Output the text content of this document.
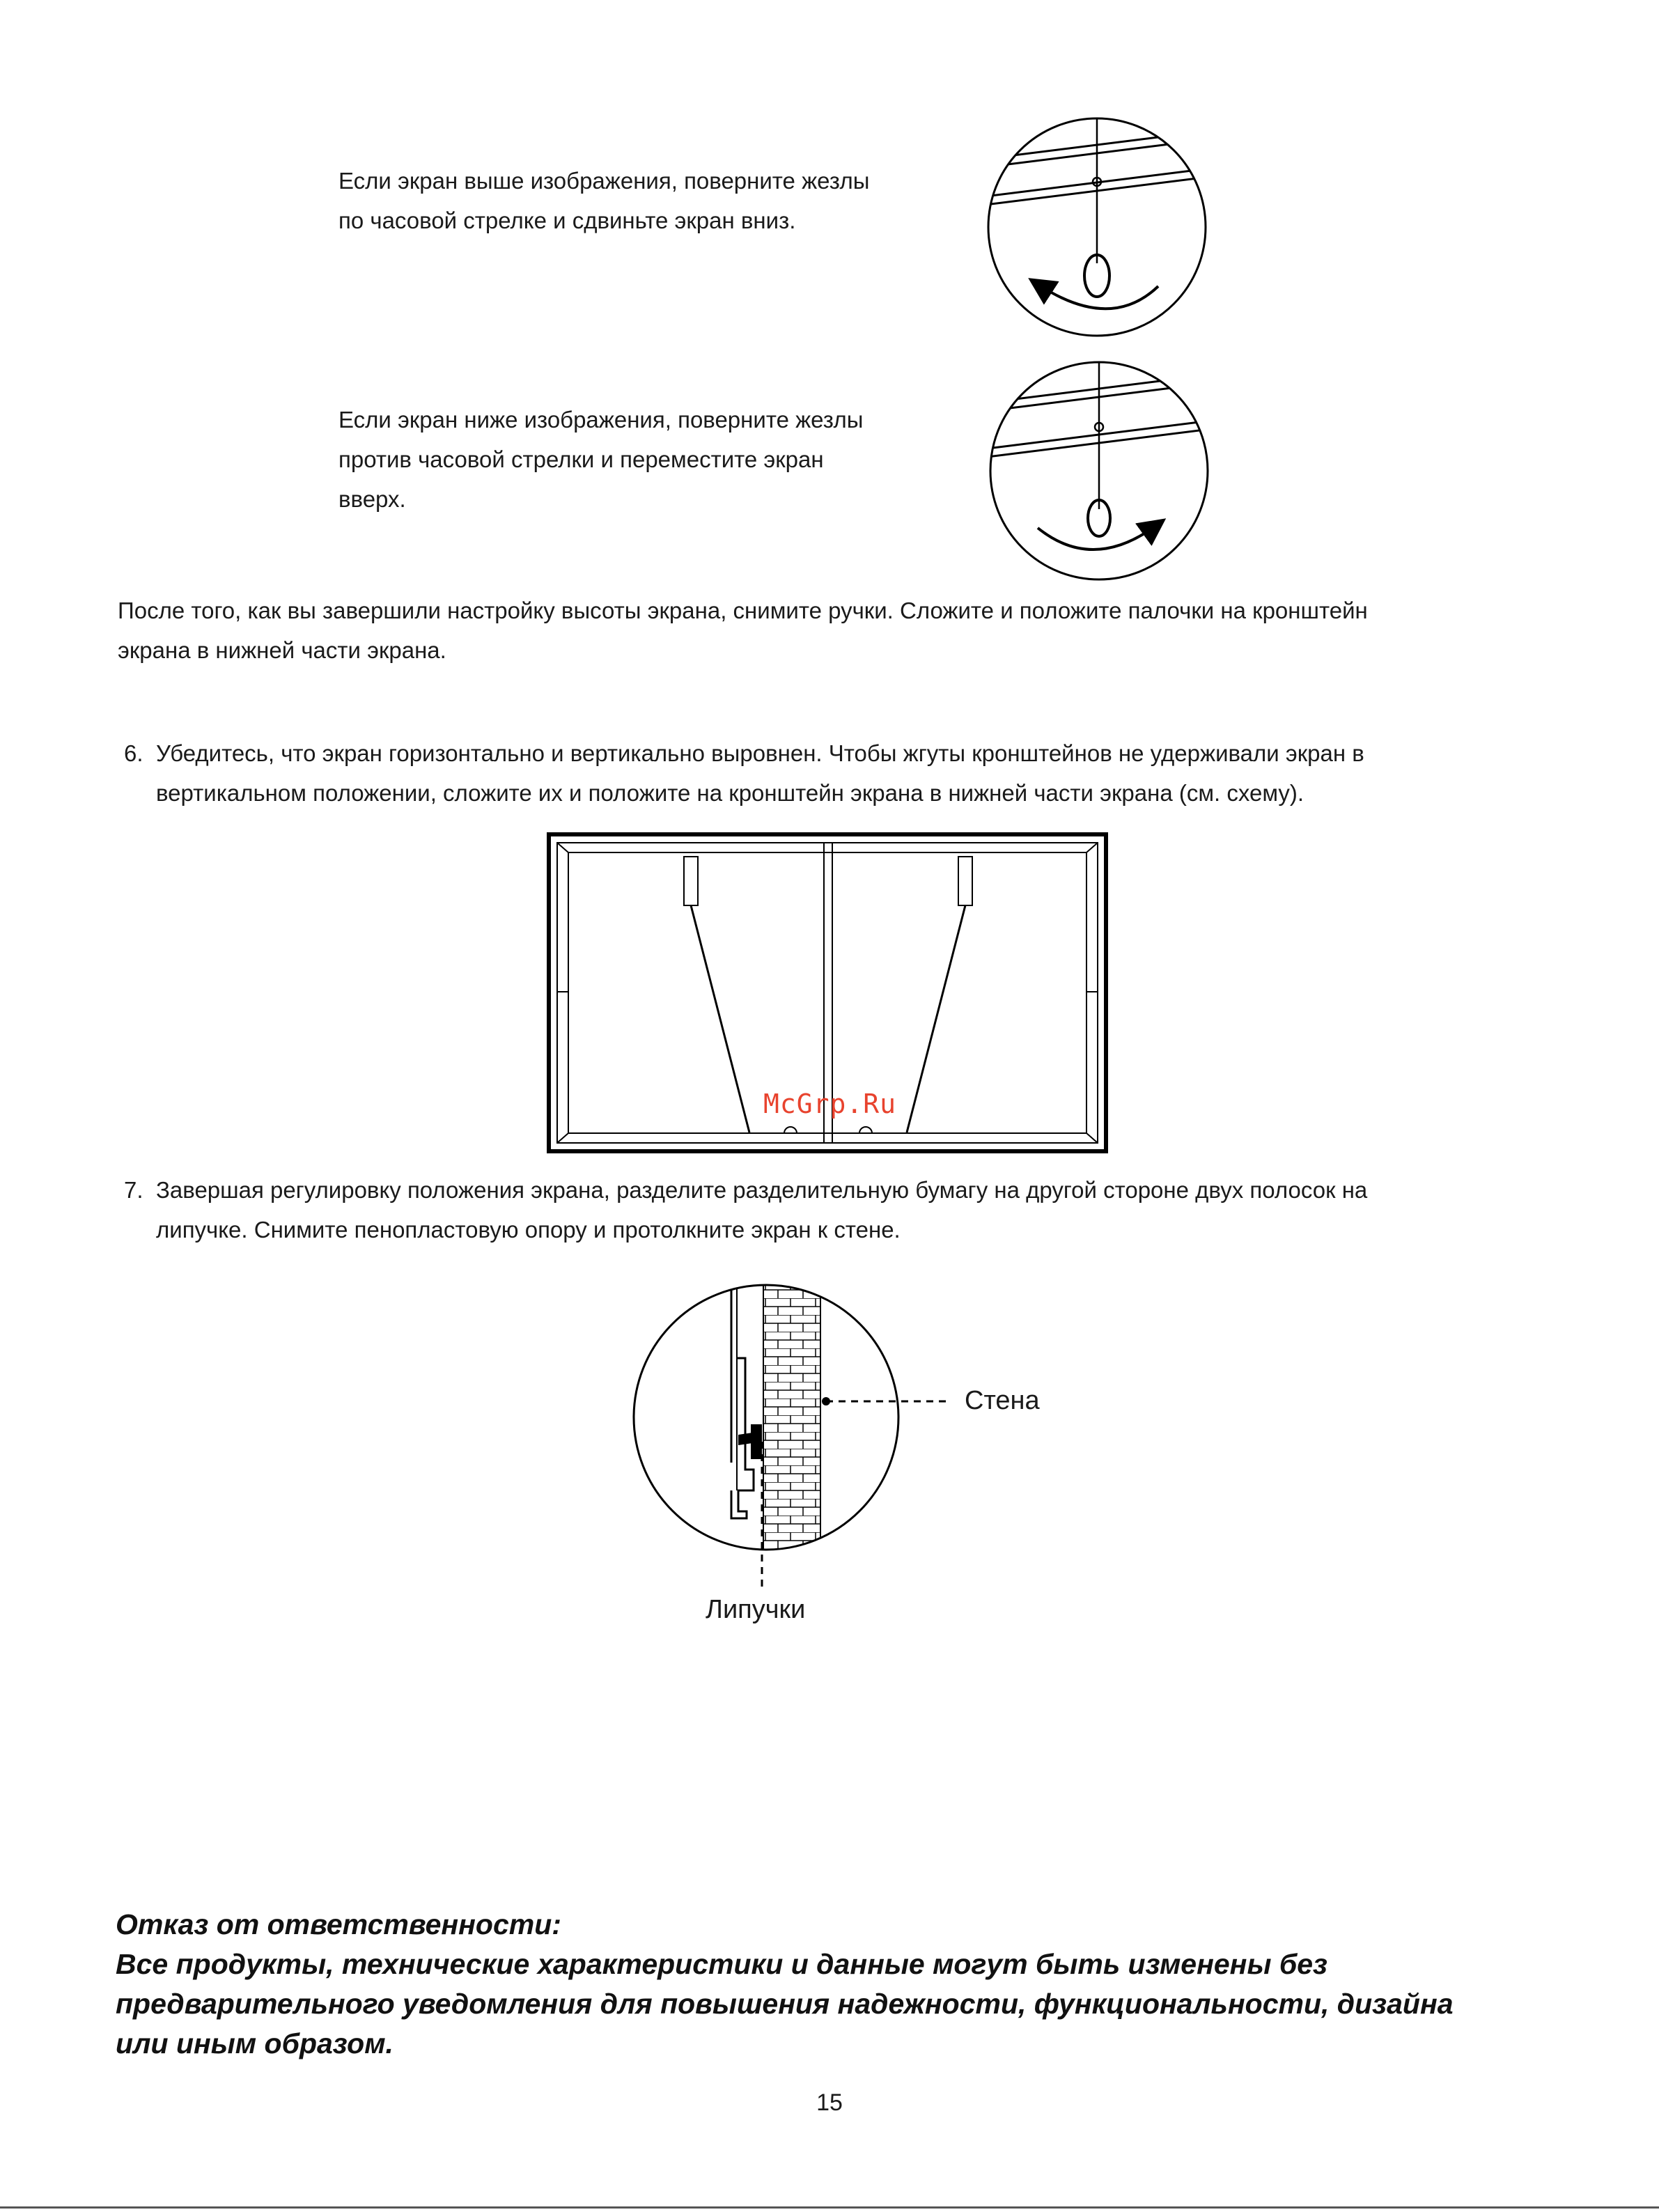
Если экран выше изображения, поверните жезлы
по часовой стрелке и сдвиньте экран вниз.
Если экран ниже изображения, поверните жезлы
против часовой стрелки и переместите экран
вверх.
После того, как вы завершили настройку высоты экрана, снимите ручки. Сложите и положите палочки на кронштейн
экрана в нижней части экрана.
6. Убедитесь, что экран горизонтально и вертикально выровнен. Чтобы жгуты кронштейнов не удерживали экран в
вертикальном положении, сложите их и положите на кронштейн экрана в нижней части экрана (см. схему).
McGrp.Ru
7. Завершая регулировку положения экрана, разделите разделительную бумагу на другой стороне двух полосок на
липучке. Снимите пенопластовую опору и протолкните экран к стене.
Стена
Липучки
Отказ от ответственности:
Все продукты, технические характеристики и данные могут быть изменены без
предварительного уведомления для повышения надежности, функциональности, дизайна
или иным образом.
15
